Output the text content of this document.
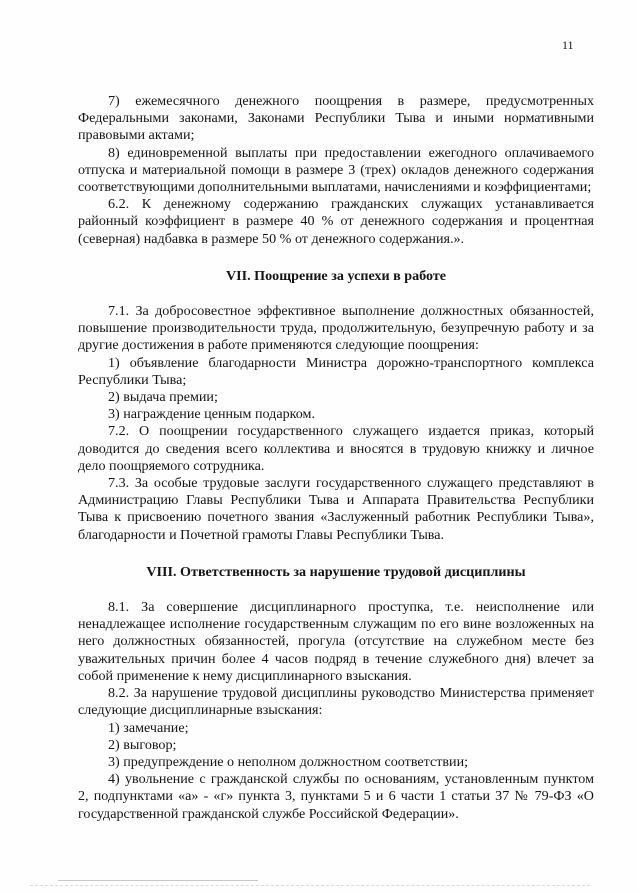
11

7) ежемесячного денежного поощрения в размере, предусмотренных Федеральными законами, Законами Республики Тыва и иными нормативными правовыми актами;

8) единовременной выплаты при предоставлении ежегодного оплачиваемого отпуска и материальной помощи в размере 3 (трех) окладов денежного содержания соответствующими дополнительными выплатами, начислениями и коэффициентами;

6.2. К денежному содержанию гражданских служащих устанавливается районный коэффициент в размере 40 % от денежного содержания и процентная (северная) надбавка в размере 50 % от денежного содержания.».

VII. Поощрение за успехи в работе

7.1. За добросовестное эффективное выполнение должностных обязанностей, повышение производительности труда, продолжительную, безупречную работу и за другие достижения в работе применяются следующие поощрения:

1) объявление благодарности Министра дорожно-транспортного комплекса Республики Тыва;

2) выдача премии;

3) награждение ценным подарком.

7.2. О поощрении государственного служащего издается приказ, который доводится до сведения всего коллектива и вносятся в трудовую книжку и личное дело поощряемого сотрудника.

7.3. За особые трудовые заслуги государственного служащего представляют в Администрацию Главы Республики Тыва и Аппарата Правительства Республики Тыва к присвоению почетного звания «Заслуженный работник Республики Тыва», благодарности и Почетной грамоты Главы Республики Тыва.

VIII. Ответственность за нарушение трудовой дисциплины

8.1. За совершение дисциплинарного проступка, т.е. неисполнение или ненадлежащее исполнение государственным служащим по его вине возложенных на него должностных обязанностей, прогула (отсутствие на служебном месте без уважительных причин более 4 часов подряд в течение служебного дня) влечет за собой применение к нему дисциплинарного взыскания.

8.2. За нарушение трудовой дисциплины руководство Министерства применяет следующие дисциплинарные взыскания:

1) замечание;

2) выговор;

3) предупреждение о неполном должностном соответствии;

4) увольнение с гражданской службы по основаниям, установленным пунктом 2, подпунктами «а» - «г» пункта 3, пунктами 5 и 6 части 1 статьи 37 № 79-ФЗ «О государственной гражданской службе Российской Федерации».
